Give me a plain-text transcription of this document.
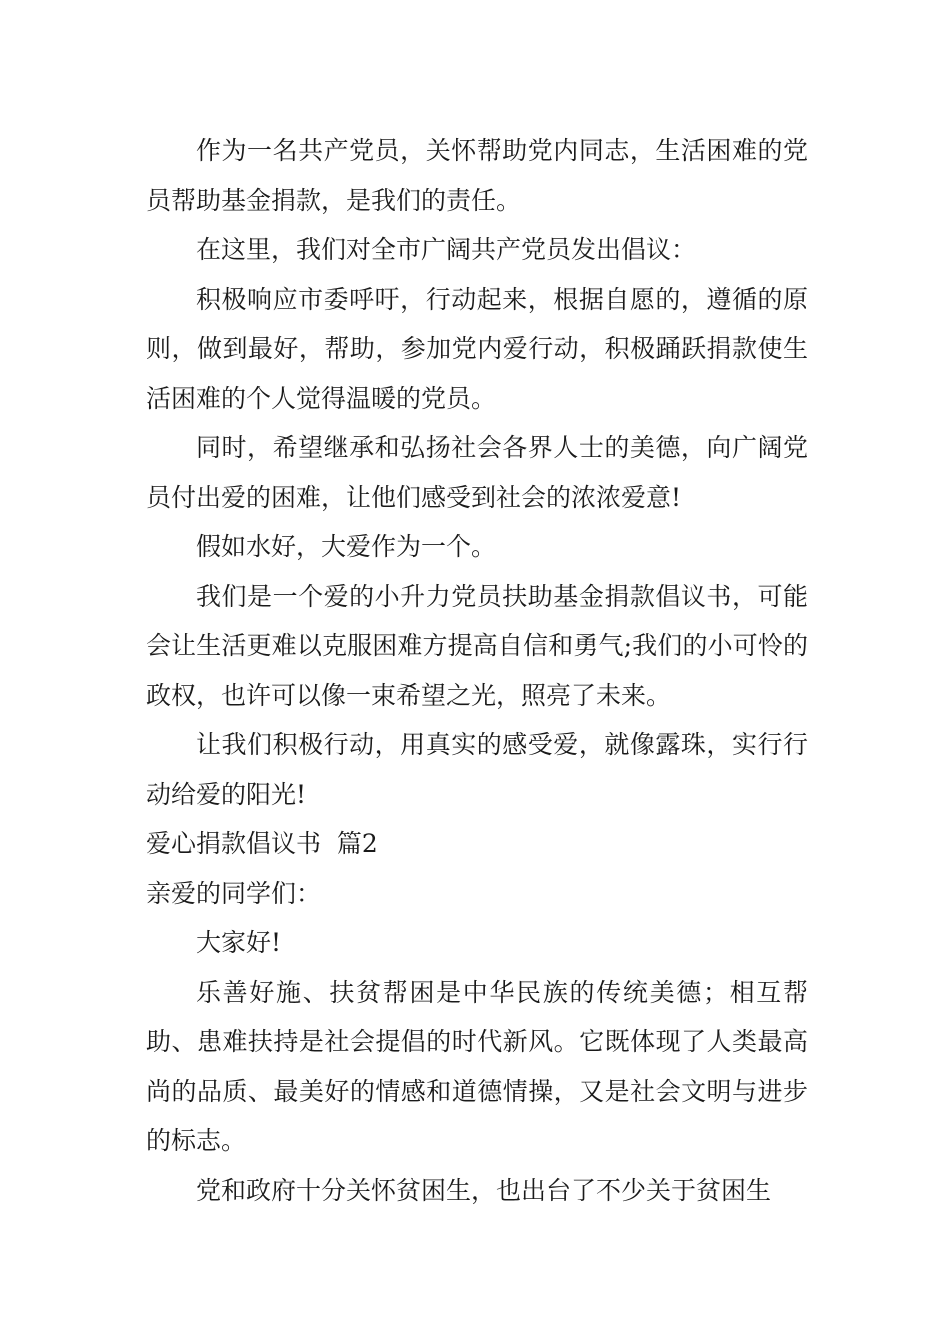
作为一名共产党员，关怀帮助党内同志，生活困难的党员帮助基金捐款，是我们的责任。

在这里，我们对全市广阔共产党员发出倡议：

积极响应市委呼吁，行动起来，根据自愿的，遵循的原则，做到最好，帮助，参加党内爱行动，积极踊跃捐款使生活困难的个人觉得温暖的党员。

同时，希望继承和弘扬社会各界人士的美德，向广阔党员付出爱的困难，让他们感受到社会的浓浓爱意!

假如水好，大爱作为一个。

我们是一个爱的小升力党员扶助基金捐款倡议书，可能会让生活更难以克服困难方提高自信和勇气;我们的小可怜的政权，也许可以像一束希望之光，照亮了未来。

让我们积极行动，用真实的感受爱，就像露珠，实行行动给爱的阳光!

爱心捐款倡议书  篇2

亲爱的同学们：

大家好!

乐善好施、扶贫帮困是中华民族的传统美德；相互帮助、患难扶持是社会提倡的时代新风。它既体现了人类最高尚的品质、最美好的情感和道德情操，又是社会文明与进步的标志。

党和政府十分关怀贫困生，也出台了不少关于贫困生
